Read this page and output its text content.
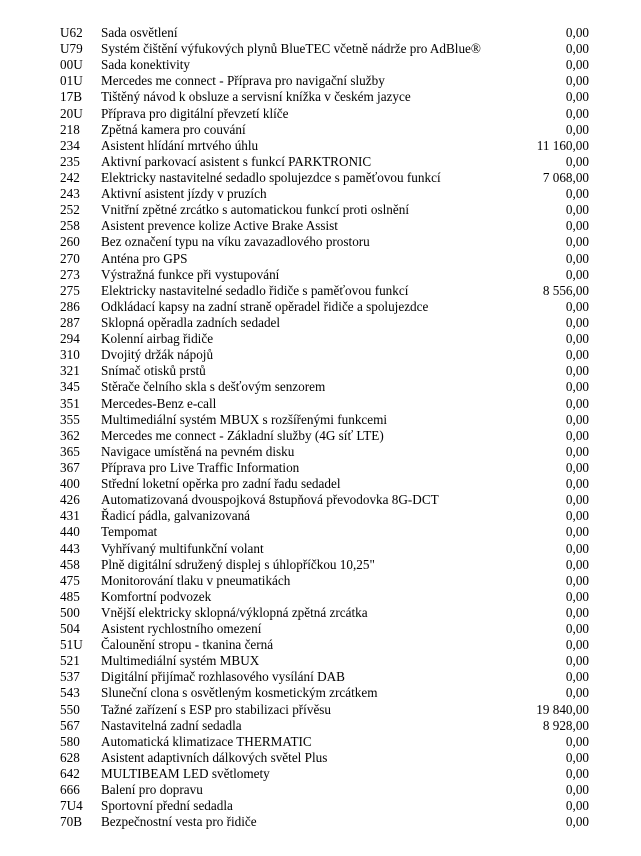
U62 Sada osvětlení	0,00
U79 Systém čištění výfukových plynů BlueTEC včetně nádrže pro AdBlue®	0,00
00U Sada konektivity	0,00
01U Mercedes me connect - Příprava pro navigační služby	0,00
17B Tištěný návod k obsluze a servisní knížka v českém jazyce	0,00
20U Příprava pro digitální převzetí klíče	0,00
218 Zpětná kamera pro couvání	0,00
234 Asistent hlídání mrtvého úhlu	11 160,00
235 Aktivní parkovací asistent s funkcí PARKTRONIC	0,00
242 Elektricky nastavitelné sedadlo spolujezdce s paměťovou funkcí	7 068,00
243 Aktivní asistent jízdy v pruzích	0,00
252 Vnitřní zpětné zrcátko s automatickou funkcí proti oslnění	0,00
258 Asistent prevence kolize Active Brake Assist	0,00
260 Bez označení typu na víku zavazadlového prostoru	0,00
270 Anténa pro GPS	0,00
273 Výstražná funkce při vystupování	0,00
275 Elektricky nastavitelné sedadlo řidiče s paměťovou funkcí	8 556,00
286 Odkládací kapsy na zadní straně opěradel řidiče a spolujezdce	0,00
287 Sklopná opěradla zadních sedadel	0,00
294 Kolenní airbag řidiče	0,00
310 Dvojitý držák nápojů	0,00
321 Snímač otisků prstů	0,00
345 Stěrače čelního skla s dešťovým senzorem	0,00
351 Mercedes-Benz e-call	0,00
355 Multimediální systém MBUX s rozšířenými funkcemi	0,00
362 Mercedes me connect - Základní služby (4G síť LTE)	0,00
365 Navigace umístěná na pevném disku	0,00
367 Příprava pro Live Traffic Information	0,00
400 Střední loketní opěrka pro zadní řadu sedadel	0,00
426 Automatizovaná dvouspojková 8stupňová převodovka 8G-DCT	0,00
431 Řadicí pádla, galvanizovaná	0,00
440 Tempomat	0,00
443 Vyhřívaný multifunkční volant	0,00
458 Plně digitální sdružený displej s úhlopříčkou 10,25"	0,00
475 Monitorování tlaku v pneumatikách	0,00
485 Komfortní podvozek	0,00
500 Vnější elektricky sklopná/výklopná zpětná zrcátka	0,00
504 Asistent rychlostního omezení	0,00
51U Čalounění stropu - tkanina černá	0,00
521 Multimediální systém MBUX	0,00
537 Digitální přijímač rozhlasového vysílání DAB	0,00
543 Sluneční clona s osvětleným kosmetickým zrcátkem	0,00
550 Tažné zařízení s ESP pro stabilizaci přívěsu	19 840,00
567 Nastavitelná zadní sedadla	8 928,00
580 Automatická klimatizace THERMATIC	0,00
628 Asistent adaptivních dálkových světel Plus	0,00
642 MULTIBEAM LED světlomety	0,00
666 Balení pro dopravu	0,00
7U4 Sportovní přední sedadla	0,00
70B Bezpečnostní vesta pro řidiče	0,00
